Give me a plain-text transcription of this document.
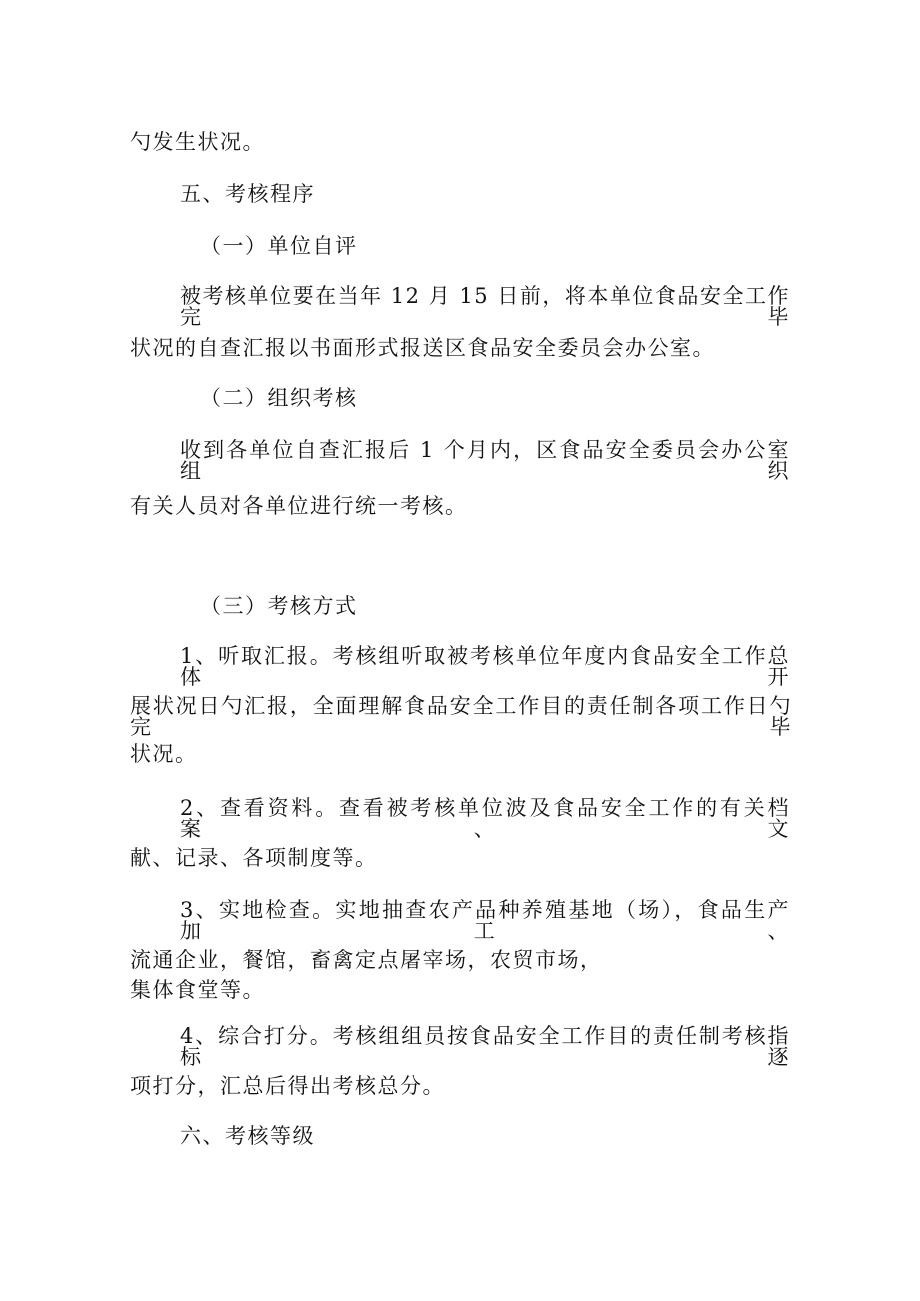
勺发生状况。
五、考核程序
（一）单位自评
被考核单位要在当年 12 月 15 日前，将本单位食品安全工作完毕
状况的自查汇报以书面形式报送区食品安全委员会办公室。
（二）组织考核
收到各单位自查汇报后 1 个月内，区食品安全委员会办公室组织
有关人员对各单位进行统一考核。
（三）考核方式
1、听取汇报。考核组听取被考核单位年度内食品安全工作总体开
展状况日勺汇报，全面理解食品安全工作目的责任制各项工作日勺完毕
状况。
2、查看资料。查看被考核单位波及食品安全工作的有关档案、文
献、记录、各项制度等。
3、实地检查。实地抽查农产品种养殖基地（场），食品生产加工、
流通企业，餐馆，畜禽定点屠宰场，农贸市场，
集体食堂等。
4、综合打分。考核组组员按食品安全工作目的责任制考核指标逐
项打分，汇总后得出考核总分。
六、考核等级
